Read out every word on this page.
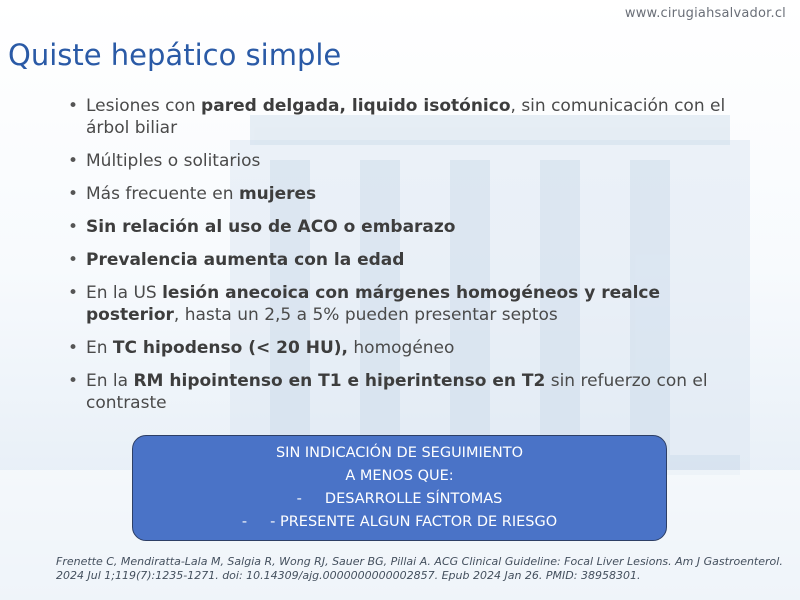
www.cirugiahsalvador.cl
Quiste hepático simple
• Lesiones con pared delgada, liquido isotónico, sin comunicación con el árbol biliar
• Múltiples o solitarios
• Más frecuente en mujeres
• Sin relación al uso de ACO o embarazo
• Prevalencia aumenta con la edad
• En la US lesión anecoica con márgenes homogéneos y realce posterior, hasta un 2,5 a 5% pueden presentar septos
• En TC hipodenso (< 20 HU), homogéneo
• En la RM hipointenso en T1 e hiperintenso en T2 sin refuerzo con el contraste
SIN INDICACIÓN DE SEGUIMIENTO
A MENOS QUE:
-     DESARROLLE SÍNTOMAS
-     - PRESENTE ALGUN FACTOR DE RIESGO
Frenette C, Mendiratta-Lala M, Salgia R, Wong RJ, Sauer BG, Pillai A. ACG Clinical Guideline: Focal Liver Lesions. Am J Gastroenterol. 2024 Jul 1;119(7):1235-1271. doi: 10.14309/ajg.0000000000002857. Epub 2024 Jan 26. PMID: 38958301.
